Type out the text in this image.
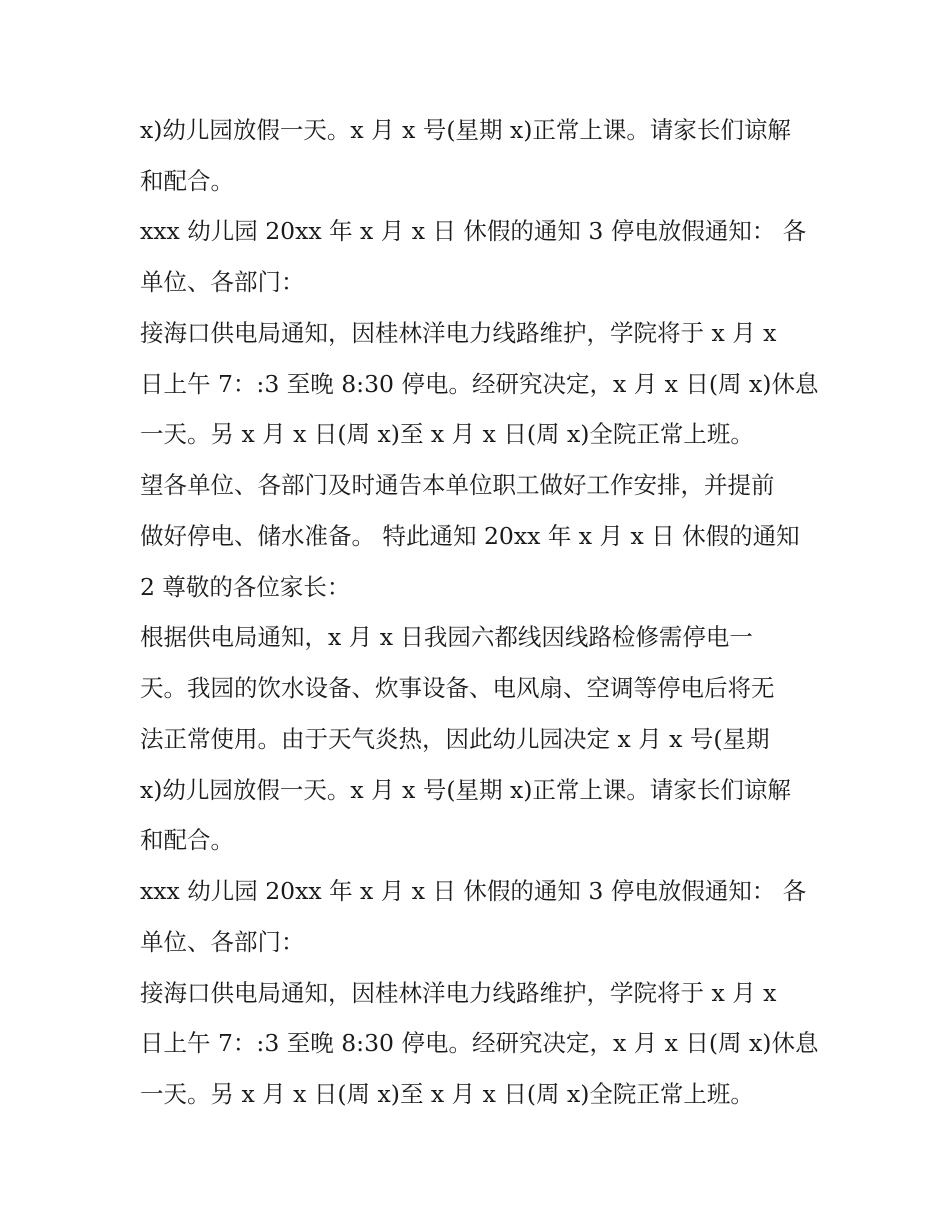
x)幼儿园放假一天。x 月 x 号(星期 x)正常上课。请家长们谅解
和配合。
xxx 幼儿园 20xx 年 x 月 x 日 休假的通知 3 停电放假通知： 各
单位、各部门：
接海口供电局通知，因桂林洋电力线路维护，学院将于 x 月 x
日上午 7：:3 至晚 8:30 停电。经研究决定，x 月 x 日(周 x)休息
一天。另 x 月 x 日(周 x)至 x 月 x 日(周 x)全院正常上班。
望各单位、各部门及时通告本单位职工做好工作安排，并提前
做好停电、储水准备。 特此通知 20xx 年 x 月 x 日 休假的通知
2 尊敬的各位家长：
根据供电局通知，x 月 x 日我园六都线因线路检修需停电一
天。我园的饮水设备、炊事设备、电风扇、空调等停电后将无
法正常使用。由于天气炎热，因此幼儿园决定 x 月 x 号(星期
x)幼儿园放假一天。x 月 x 号(星期 x)正常上课。请家长们谅解
和配合。
xxx 幼儿园 20xx 年 x 月 x 日 休假的通知 3 停电放假通知： 各
单位、各部门：
接海口供电局通知，因桂林洋电力线路维护，学院将于 x 月 x
日上午 7：:3 至晚 8:30 停电。经研究决定，x 月 x 日(周 x)休息
一天。另 x 月 x 日(周 x)至 x 月 x 日(周 x)全院正常上班。
